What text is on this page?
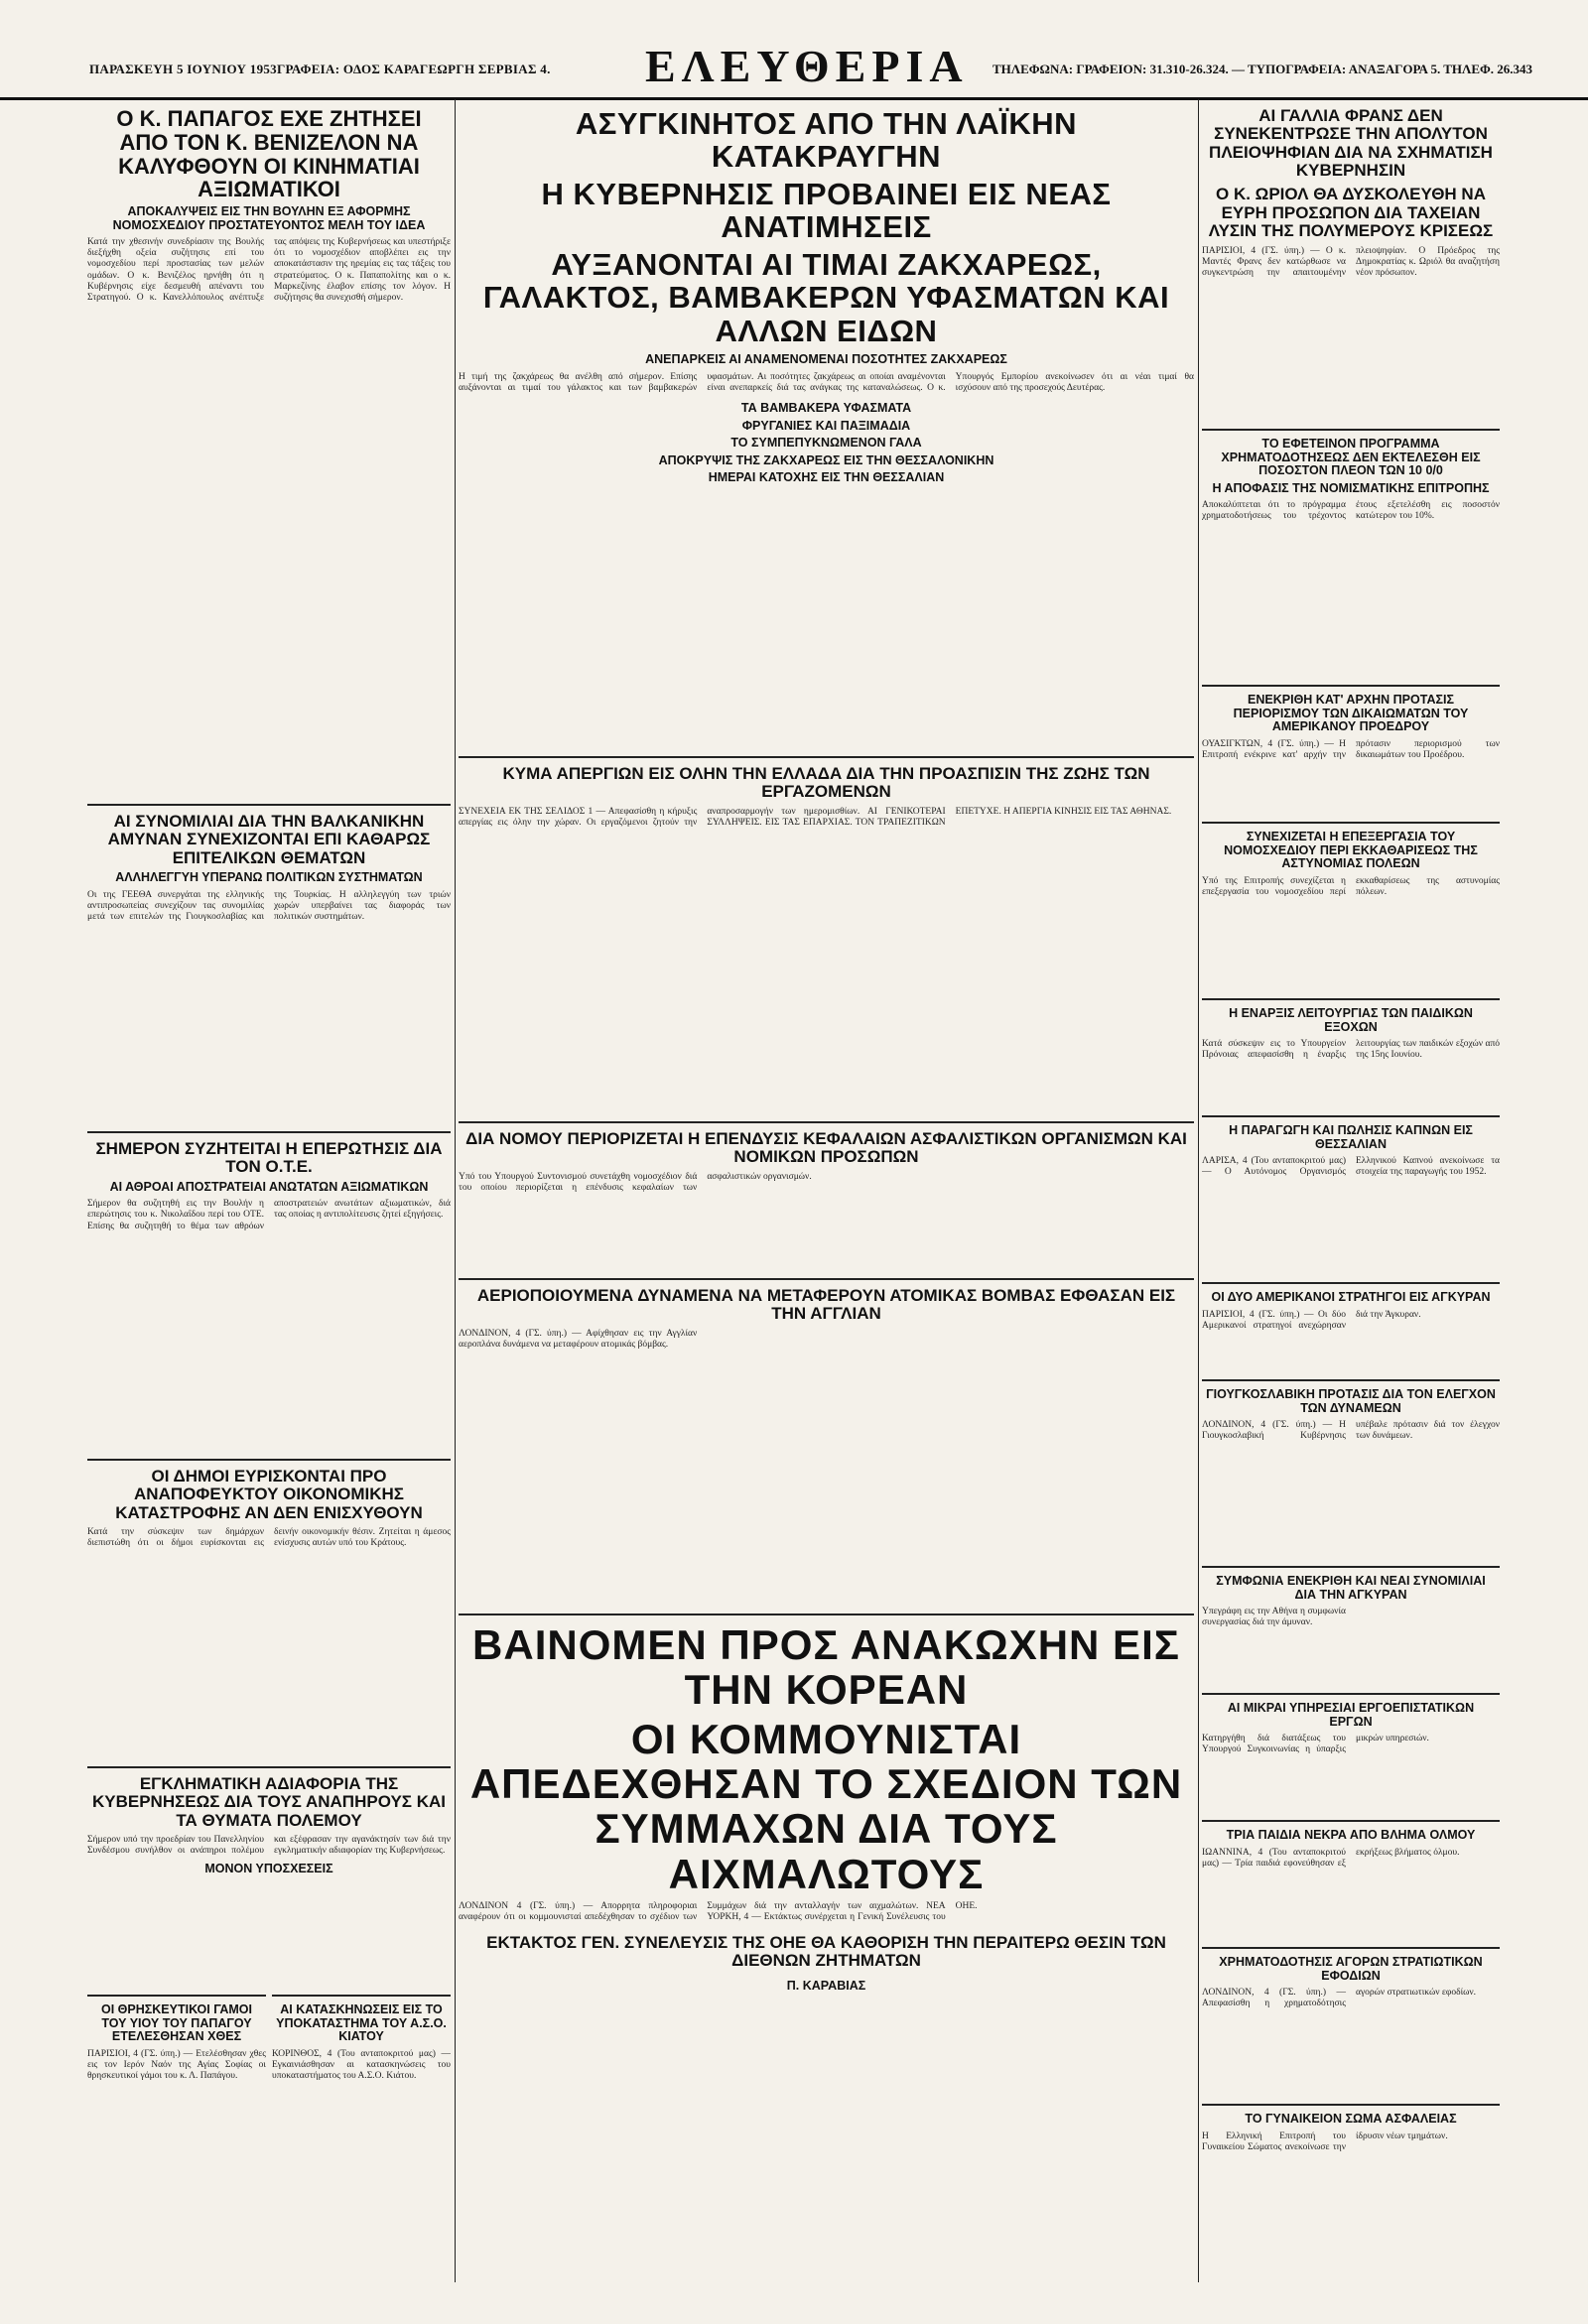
ΠΑΡΑΣΚΕΥΗ 5 ΙΟΥΝΙΟΥ 1953ΓΡΑΦΕΙΑ: ΟΔΟΣ ΚΑΡΑΓΕΩΡΓΗ ΣΕΡΒΙΑΣ 4. ΕΛΕΥΘΕΡΙΑ ΤΗΛΕΦΩΝΑ: ΓΡΑΦΕΙΟΝ: 31.310-26.324. — ΤΥΠΟΓΡΑΦΕΙΑ: ΑΝΑΞΑΓΟΡΑ 5. ΤΗΛΕΦ. 26.343
Ο Κ. ΠΑΠΑΓΟΣ ΕΧΕ ΖΗΤΗΣΕΙ ΑΠΟ ΤΟΝ Κ. ΒΕΝΙΖΕΛΟΝ ΝΑ ΚΑΛΥΦΘΟΥΝ ΟΙ ΚΙΝΗΜΑΤΙΑΙ ΑΞΙΩΜΑΤΙΚΟΙ
ΑΠΟΚΑΛΥΨΕΙΣ ΕΙΣ ΤΗΝ ΒΟΥΛΗΝ ΕΞ ΑΦΟΡΜΗΣ ΝΟΜΟΣΧΕΔΙΟΥ ΠΡΟΣΤΑΤΕΥΟΝΤΟΣ ΜΕΛΗ ΤΟΥ ΙΔΕΑ
Κατά την χθεσινήν συνεδρίασιν της Βουλής διεξήχθη οξεία συζήτησις επί του νομοσχεδίου περί προστασίας των μελών ομάδων. Ο κ. Βενιζέλος ηρνήθη ότι η Κυβέρνησις είχε δεσμευθή απέναντι του Στρατηγού. Ο κ. Κανελλόπουλος ανέπτυξε τας απόψεις της Κυβερνήσεως και υπεστήριξε ότι το νομοσχέδιον αποβλέπει εις την αποκατάστασιν της ηρεμίας εις τας τάξεις του στρατεύματος. Ο κ. Παπαπολίτης και ο κ. Μαρκεζίνης έλαβον επίσης τον λόγον. Η συζήτησις θα συνεχισθή σήμερον.
ΑΙ ΣΥΝΟΜΙΛΙΑΙ ΔΙΑ ΤΗΝ ΒΑΛΚΑΝΙΚΗΝ ΑΜΥΝΑΝ ΣΥΝΕΧΙΖΟΝΤΑΙ ΕΠΙ ΚΑΘΑΡΩΣ ΕΠΙΤΕΛΙΚΩΝ ΘΕΜΑΤΩΝ
ΑΛΛΗΛΕΓΓΥΗ ΥΠΕΡΑΝΩ ΠΟΛΙΤΙΚΩΝ ΣΥΣΤΗΜΑΤΩΝ
Οι της ΓΕΕΘΑ συνεργάται της ελληνικής αντιπροσωπείας συνεχίζουν τας συνομιλίας μετά των επιτελών της Γιουγκοσλαβίας και της Τουρκίας. Η αλληλεγγύη των τριών χωρών υπερβαίνει τας διαφοράς των πολιτικών συστημάτων.
ΣΗΜΕΡΟΝ ΣΥΖΗΤΕΙΤΑΙ Η ΕΠΕΡΩΤΗΣΙΣ ΔΙΑ ΤΟΝ Ο.Τ.Ε.
ΑΙ ΑΘΡΟΑΙ ΑΠΟΣΤΡΑΤΕΙΑΙ ΑΝΩΤΑΤΩΝ ΑΞΙΩΜΑΤΙΚΩΝ
Σήμερον θα συζητηθή εις την Βουλήν η επερώτησις του κ. Νικολαΐδου περί του ΟΤΕ. Επίσης θα συζητηθή το θέμα των αθρόων αποστρατειών ανωτάτων αξιωματικών, διά τας οποίας η αντιπολίτευσις ζητεί εξηγήσεις.
ΟΙ ΔΗΜΟΙ ΕΥΡΙΣΚΟΝΤΑΙ ΠΡΟ ΑΝΑΠΟΦΕΥΚΤΟΥ ΟΙΚΟΝΟΜΙΚΗΣ ΚΑΤΑΣΤΡΟΦΗΣ ΑΝ ΔΕΝ ΕΝΙΣΧΥΘΟΥΝ
Κατά την σύσκεψιν των δημάρχων διεπιστώθη ότι οι δήμοι ευρίσκονται εις δεινήν οικονομικήν θέσιν. Ζητείται η άμεσος ενίσχυσις αυτών υπό του Κράτους.
ΕΓΚΛΗΜΑΤΙΚΗ ΑΔΙΑΦΟΡΙΑ ΤΗΣ ΚΥΒΕΡΝΗΣΕΩΣ ΔΙΑ ΤΟΥΣ ΑΝΑΠΗΡΟΥΣ ΚΑΙ ΤΑ ΘΥΜΑΤΑ ΠΟΛΕΜΟΥ
Σήμερον υπό την προεδρίαν του Πανελληνίου Συνδέσμου συνήλθον οι ανάπηροι πολέμου και εξέφρασαν την αγανάκτησίν των διά την εγκληματικήν αδιαφορίαν της Κυβερνήσεως.
ΜΟΝΟΝ ΥΠΟΣΧΕΣΕΙΣ
ΟΙ ΘΡΗΣΚΕΥΤΙΚΟΙ ΓΑΜΟΙ ΤΟΥ ΥΙΟΥ ΤΟΥ ΠΑΠΑΓΟΥ ΕΤΕΛΕΣΘΗΣΑΝ ΧΘΕΣ
ΠΑΡΙΣΙΟΙ, 4 (ΓΣ. ύπη.) — Ετελέσθησαν χθες εις τον Ιερόν Ναόν της Αγίας Σοφίας οι θρησκευτικοί γάμοι του κ. Λ. Παπάγου.
ΑΙ ΚΑΤΑΣΚΗΝΩΣΕΙΣ ΕΙΣ ΤΟ ΥΠΟΚΑΤΑΣΤΗΜΑ ΤΟΥ Α.Σ.Ο. ΚΙΑΤΟΥ
ΚΟΡΙΝΘΟΣ, 4 (Του ανταποκριτού μας) — Εγκαινιάσθησαν αι κατασκηνώσεις του υποκαταστήματος του Α.Σ.Ο. Κιάτου.
ΑΣΥΓΚΙΝΗΤΟΣ ΑΠΟ ΤΗΝ ΛΑΪΚΗΝ ΚΑΤΑΚΡΑΥΓΗΝ
Η ΚΥΒΕΡΝΗΣΙΣ ΠΡΟΒΑΙΝΕΙ ΕΙΣ ΝΕΑΣ ΑΝΑΤΙΜΗΣΕΙΣ
ΑΥΞΑΝΟΝΤΑΙ ΑΙ ΤΙΜΑΙ ΖΑΚΧΑΡΕΩΣ, ΓΑΛΑΚΤΟΣ, ΒΑΜΒΑΚΕΡΩΝ ΥΦΑΣΜΑΤΩΝ ΚΑΙ ΑΛΛΩΝ ΕΙΔΩΝ
ΑΝΕΠΑΡΚΕΙΣ ΑΙ ΑΝΑΜΕΝΟΜΕΝΑΙ ΠΟΣΟΤΗΤΕΣ ΖΑΚΧΑΡΕΩΣ
Η τιμή της ζακχάρεως θα ανέλθη από σήμερον. Επίσης αυξάνονται αι τιμαί του γάλακτος και των βαμβακερών υφασμάτων. Αι ποσότητες ζακχάρεως αι οποίαι αναμένονται είναι ανεπαρκείς διά τας ανάγκας της καταναλώσεως. Ο κ. Υπουργός Εμπορίου ανεκοίνωσεν ότι αι νέαι τιμαί θα ισχύσουν από της προσεχούς Δευτέρας.
ΤΑ ΒΑΜΒΑΚΕΡΑ ΥΦΑΣΜΑΤΑ
ΦΡΥΓΑΝΙΕΣ ΚΑΙ ΠΑΞΙΜΑΔΙΑ
ΤΟ ΣΥΜΠΕΠΥΚΝΩΜΕΝΟΝ ΓΑΛΑ
ΑΠΟΚΡΥΨΙΣ ΤΗΣ ΖΑΚΧΑΡΕΩΣ ΕΙΣ ΤΗΝ ΘΕΣΣΑΛΟΝΙΚΗΝ
ΗΜΕΡΑΙ ΚΑΤΟΧΗΣ ΕΙΣ ΤΗΝ ΘΕΣΣΑΛΙΑΝ
ΚΥΜΑ ΑΠΕΡΓΙΩΝ ΕΙΣ ΟΛΗΝ ΤΗΝ ΕΛΛΑΔΑ ΔΙΑ ΤΗΝ ΠΡΟΑΣΠΙΣΙΝ ΤΗΣ ΖΩΗΣ ΤΩΝ ΕΡΓΑΖΟΜΕΝΩΝ
ΣΥΝΕΧΕΙΑ ΕΚ ΤΗΣ ΣΕΛΙΔΟΣ 1 — Απεφασίσθη η κήρυξις απεργίας εις όλην την χώραν. Οι εργαζόμενοι ζητούν την αναπροσαρμογήν των ημερομισθίων. ΑΙ ΓΕΝΙΚΟΤΕΡΑΙ ΣΥΛΛΗΨΕΙΣ. ΕΙΣ ΤΑΣ ΕΠΑΡΧΙΑΣ. ΤΟΝ ΤΡΑΠΕΖΙΤΙΚΩΝ ΕΠΕΤΥΧΕ. Η ΑΠΕΡΓΙΑ ΚΙΝΗΣΙΣ ΕΙΣ ΤΑΣ ΑΘΗΝΑΣ.
ΔΙΑ ΝΟΜΟΥ ΠΕΡΙΟΡΙΖΕΤΑΙ Η ΕΠΕΝΔΥΣΙΣ ΚΕΦΑΛΑΙΩΝ ΑΣΦΑΛΙΣΤΙΚΩΝ ΟΡΓΑΝΙΣΜΩΝ ΚΑΙ ΝΟΜΙΚΩΝ ΠΡΟΣΩΠΩΝ
Υπό του Υπουργού Συντονισμού συνετάχθη νομοσχέδιον διά του οποίου περιορίζεται η επένδυσις κεφαλαίων των ασφαλιστικών οργανισμών.
ΑΕΡΙΟΠΟΙΟΥΜΕΝΑ ΔΥΝΑΜΕΝΑ ΝΑ ΜΕΤΑΦΕΡΟΥΝ ΑΤΟΜΙΚΑΣ ΒΟΜΒΑΣ ΕΦΘΑΣΑΝ ΕΙΣ ΤΗΝ ΑΓΓΛΙΑΝ
ΛΟΝΔΙΝΟΝ, 4 (ΓΣ. ύπη.) — Αφίχθησαν εις την Αγγλίαν αεροπλάνα δυνάμενα να μεταφέρουν ατομικάς βόμβας.
ΒΑΙΝΟΜΕΝ ΠΡΟΣ ΑΝΑΚΩΧΗΝ ΕΙΣ ΤΗΝ ΚΟΡΕΑΝ
ΟΙ ΚΟΜΜΟΥΝΙΣΤΑΙ ΑΠΕΔΕΧΘΗΣΑΝ ΤΟ ΣΧΕΔΙΟΝ ΤΩΝ ΣΥΜΜΑΧΩΝ ΔΙΑ ΤΟΥΣ ΑΙΧΜΑΛΩΤΟΥΣ
ΛΟΝΔΙΝΟΝ 4 (ΓΣ. ύπη.) — Απορρητα πληροφοριαι αναφέρουν ότι οι κομμουνισταί απεδέχθησαν το σχέδιον των Συμμάχων διά την ανταλλαγήν των αιχμαλώτων. ΝΕΑ ΥΟΡΚΗ, 4 — Εκτάκτως συνέρχεται η Γενική Συνέλευσις του ΟΗΕ.
ΕΚΤΑΚΤΟΣ ΓΕΝ. ΣΥΝΕΛΕΥΣΙΣ ΤΗΣ ΟΗΕ ΘΑ ΚΑΘΟΡΙΣΗ ΤΗΝ ΠΕΡΑΙΤΕΡΩ ΘΕΣΙΝ ΤΩΝ ΔΙΕΘΝΩΝ ΖΗΤΗΜΑΤΩΝ
Π. ΚΑΡΑΒΙΑΣ
ΑΙ ΓΑΛΛΙΑ ΦΡΑΝΣ ΔΕΝ ΣΥΝΕΚΕΝΤΡΩΣΕ ΤΗΝ ΑΠΟΛΥΤΟΝ ΠΛΕΙΟΨΗΦΙΑΝ ΔΙΑ ΝΑ ΣΧΗΜΑΤΙΣΗ ΚΥΒΕΡΝΗΣΙΝ
Ο Κ. ΩΡΙΟΛ ΘΑ ΔΥΣΚΟΛΕΥΘΗ ΝΑ ΕΥΡΗ ΠΡΟΣΩΠΟΝ ΔΙΑ ΤΑΧΕΙΑΝ ΛΥΣΙΝ ΤΗΣ ΠΟΛΥΜΕΡΟΥΣ ΚΡΙΣΕΩΣ
ΠΑΡΙΣΙΟΙ, 4 (ΓΣ. ύπη.) — Ο κ. Μαντές Φρανς δεν κατώρθωσε να συγκεντρώση την απαιτουμένην πλειοψηφίαν. Ο Πρόεδρος της Δημοκρατίας κ. Ωριόλ θα αναζητήση νέον πρόσωπον.
ΤΟ ΕΦΕΤΕΙΝΟΝ ΠΡΟΓΡΑΜΜΑ ΧΡΗΜΑΤΟΔΟΤΗΣΕΩΣ ΔΕΝ ΕΚΤΕΛΕΣΘΗ ΕΙΣ ΠΟΣΟΣΤΟΝ ΠΛΕΟΝ ΤΩΝ 10 0/0
Η ΑΠΟΦΑΣΙΣ ΤΗΣ ΝΟΜΙΣΜΑΤΙΚΗΣ ΕΠΙΤΡΟΠΗΣ
Αποκαλύπτεται ότι το πρόγραμμα χρηματοδοτήσεως του τρέχοντος έτους εξετελέσθη εις ποσοστόν κατώτερον του 10%.
ΕΝΕΚΡΙΘΗ ΚΑΤ' ΑΡΧΗΝ ΠΡΟΤΑΣΙΣ ΠΕΡΙΟΡΙΣΜΟΥ ΤΩΝ ΔΙΚΑΙΩΜΑΤΩΝ ΤΟΥ ΑΜΕΡΙΚΑΝΟΥ ΠΡΟΕΔΡΟΥ
ΟΥΑΣΙΓΚΤΩΝ, 4 (ΓΣ. ύπη.) — Η Επιτροπή ενέκρινε κατ' αρχήν την πρότασιν περιορισμού των δικαιωμάτων του Προέδρου.
ΣΥΝΕΧΙΖΕΤΑΙ Η ΕΠΕΞΕΡΓΑΣΙΑ ΤΟΥ ΝΟΜΟΣΧΕΔΙΟΥ ΠΕΡΙ ΕΚΚΑΘΑΡΙΣΕΩΣ ΤΗΣ ΑΣΤΥΝΟΜΙΑΣ ΠΟΛΕΩΝ
Υπό της Επιτροπής συνεχίζεται η επεξεργασία του νομοσχεδίου περί εκκαθαρίσεως της αστυνομίας πόλεων.
Η ΕΝΑΡΞΙΣ ΛΕΙΤΟΥΡΓΙΑΣ ΤΩΝ ΠΑΙΔΙΚΩΝ ΕΞΟΧΩΝ
Κατά σύσκεψιν εις το Υπουργείον Πρόνοιας απεφασίσθη η έναρξις λειτουργίας των παιδικών εξοχών από της 15ης Ιουνίου.
Η ΠΑΡΑΓΩΓΗ ΚΑΙ ΠΩΛΗΣΙΣ ΚΑΠΝΩΝ ΕΙΣ ΘΕΣΣΑΛΙΑΝ
ΛΑΡΙΣΑ, 4 (Του ανταποκριτού μας) — Ο Αυτόνομος Οργανισμός Ελληνικού Καπνού ανεκοίνωσε τα στοιχεία της παραγωγής του 1952.
ΟΙ ΔΥΟ ΑΜΕΡΙΚΑΝΟΙ ΣΤΡΑΤΗΓΟΙ ΕΙΣ ΑΓΚΥΡΑΝ
ΠΑΡΙΣΙΟΙ, 4 (ΓΣ. ύπη.) — Οι δύο Αμερικανοί στρατηγοί ανεχώρησαν διά την Άγκυραν.
ΓΙΟΥΓΚΟΣΛΑΒΙΚΗ ΠΡΟΤΑΣΙΣ ΔΙΑ ΤΟΝ ΕΛΕΓΧΟΝ ΤΩΝ ΔΥΝΑΜΕΩΝ
ΛΟΝΔΙΝΟΝ, 4 (ΓΣ. ύπη.) — Η Γιουγκοσλαβική Κυβέρνησις υπέβαλε πρότασιν διά τον έλεγχον των δυνάμεων.
ΣΥΜΦΩΝΙΑ ΕΝΕΚΡΙΘΗ ΚΑΙ ΝΕΑΙ ΣΥΝΟΜΙΛΙΑΙ ΔΙΑ ΤΗΝ ΑΓΚΥΡΑΝ
Υπεγράφη εις την Αθήνα η συμφωνία συνεργασίας διά την άμυναν.
ΑΙ ΜΙΚΡΑΙ ΥΠΗΡΕΣΙΑΙ ΕΡΓΟΕΠΙΣΤΑΤΙΚΩΝ ΕΡΓΩΝ
Κατηργήθη διά διατάξεως του Υπουργού Συγκοινωνίας η ύπαρξις μικρών υπηρεσιών.
ΤΡΙΑ ΠΑΙΔΙΑ ΝΕΚΡΑ ΑΠΟ ΒΛΗΜΑ ΟΛΜΟΥ
ΙΩΑΝΝΙΝΑ, 4 (Του ανταποκριτού μας) — Τρία παιδιά εφονεύθησαν εξ εκρήξεως βλήματος όλμου.
ΧΡΗΜΑΤΟΔΟΤΗΣΙΣ ΑΓΟΡΩΝ ΣΤΡΑΤΙΩΤΙΚΩΝ ΕΦΟΔΙΩΝ
ΛΟΝΔΙΝΟΝ, 4 (ΓΣ. ύπη.) — Απεφασίσθη η χρηματοδότησις αγορών στρατιωτικών εφοδίων.
ΤΟ ΓΥΝΑΙΚΕΙΟΝ ΣΩΜΑ ΑΣΦΑΛΕΙΑΣ
Η Ελληνική Επιτροπή του Γυναικείου Σώματος ανεκοίνωσε την ίδρυσιν νέων τμημάτων.
